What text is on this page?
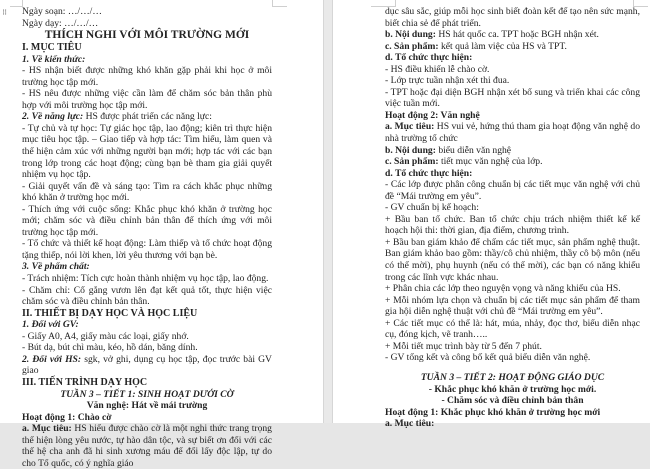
⠿ Ngày soạn: …/…/…

Ngày dạy: …/…/…

THÍCH NGHI VỚI MÔI TRƯỜNG MỚI

I. MỤC TIÊU

1. Về kiến thức:

- HS nhận biết được những khó khăn gặp phải khi học ở môi trường học tập mới.

- HS nêu được những việc cần làm để chăm sóc bản thân phù hợp với môi trường học tập mới.

2. Về năng lực: HS được phát triển các năng lực:

- Tự chủ và tự học: Tự giác học tập, lao động; kiên trì thực hiện mục tiêu học tập. – Giao tiếp và hợp tác: Tìm hiểu, làm quen và thể hiện cảm xúc với những người bạn mới; hợp tác với các bạn trong lớp trong các hoạt động; cùng bạn bè tham gia giải quyết nhiệm vụ học tập.

- Giải quyết vấn đề và sáng tạo: Tìm ra cách khắc phục những khó khăn ở trường học mới.

- Thích ứng với cuộc sống: Khắc phục khó khăn ở trường học mới; chăm sóc và điều chỉnh bản thân để thích ứng với môi trường học tập mới.

- Tổ chức và thiết kế hoạt động: Làm thiếp và tổ chức hoạt động tặng thiếp, nói lời khen, lời yêu thương với bạn bè.

3. Về phẩm chất:

- Trách nhiệm: Tích cực hoàn thành nhiệm vụ học tập, lao động.

- Chăm chỉ: Cố gắng vươn lên đạt kết quả tốt, thực hiện việc chăm sóc và điều chỉnh bản thân.

II. THIẾT BỊ DẠY HỌC VÀ HỌC LIỆU

1. Đối với GV:

- Giấy A0, A4, giấy màu các loại, giấy nhớ.

- Bút dạ, bút chì màu, kéo, hồ dán, băng dính.

2. Đối với HS: sgk, vở ghi, dụng cụ học tập, đọc trước bài GV giao

III. TIẾN TRÌNH DẠY HỌC

TUẦN 3 – TIẾT 1: SINH HOẠT DƯỚI CỜ

Văn nghệ: Hát về mái trường

Hoạt động 1: Chào cờ

a. Mục tiêu: HS hiểu được chào cờ là một nghi thức trang trọng thể hiện lòng yêu nước, tự hào dân tộc, và sự biết ơn đối với các thế hệ cha anh đã hi sinh xương máu để đổi lấy độc lập, tự do cho Tổ quốc, có ý nghĩa giáo

dục sâu sắc, giúp mỗi học sinh biết đoàn kết để tạo nên sức mạnh, biết chia sẻ để phát triển.

b. Nội dung: HS hát quốc ca. TPT hoặc BGH nhận xét.

c. Sản phẩm: kết quả làm việc của HS và TPT.

d. Tổ chức thực hiện:

- HS điều khiển lễ chào cờ.

- Lớp trực tuần nhận xét thi đua.

- TPT hoặc đại diện BGH nhận xét bổ sung và triển khai các công việc tuần mới.

Hoạt động 2: Văn nghệ

a. Mục tiêu: HS vui vẻ, hứng thú tham gia hoạt động văn nghệ do nhà trường tổ chức

b. Nội dung: biểu diễn văn nghệ

c. Sản phẩm: tiết mục văn nghệ của lớp.

d. Tổ chức thực hiện:

- Các lớp được phân công chuẩn bị các tiết mục văn nghệ với chủ đề “Mái trường em yêu”.

- GV chuẩn bị kế hoạch:

+ Bầu ban tổ chức. Ban tổ chức chịu trách nhiệm thiết kế kế hoạch hội thi: thời gian, địa điểm, chương trình.

+ Bầu ban giám khảo để chấm các tiết mục, sản phẩm nghệ thuật. Ban giám khảo bao gồm: thầy/cô chủ nhiệm, thầy cô bộ môn (nếu có thể mời), phụ huynh (nếu có thể mời), các bạn có năng khiếu trong các lĩnh vực khác nhau.

+ Phân chia các lớp theo nguyện vọng và năng khiếu của HS.

+ Mỗi nhóm lựa chọn và chuẩn bị các tiết mục sản phẩm để tham gia hội diễn nghệ thuật với chủ đề “Mái trường em yêu”.

+ Các tiết mục có thể là: hát, múa, nhảy, đọc thơ, biểu diễn nhạc cụ, đóng kịch, vẽ tranh…..

+ Mỗi tiết mục trình bày từ 5 đến 7 phút.

- GV tổng kết và công bố kết quả biểu diễn văn nghệ.

TUẦN 3 – TIẾT 2: HOẠT ĐỘNG GIÁO DỤC

- Khắc phục khó khăn ở trường học mới.

- Chăm sóc và điều chỉnh bản thân

Hoạt động 1: Khắc phục khó khăn ở trường học mới

a. Mục tiêu:
